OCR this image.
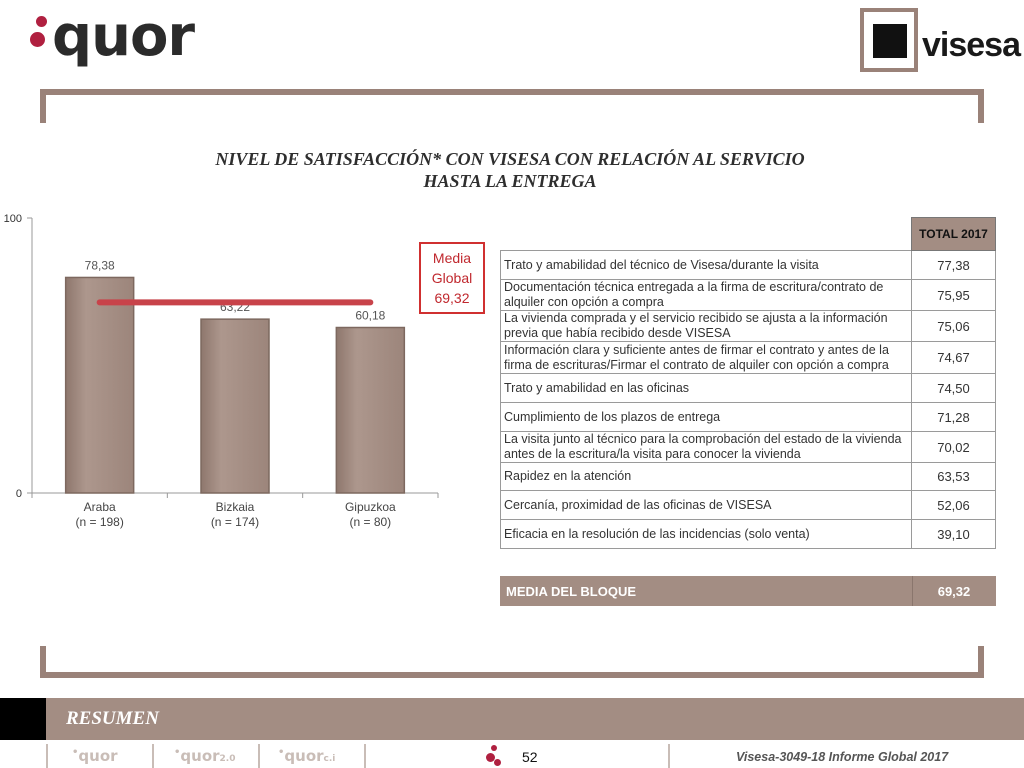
quor	visesa
NIVEL DE SATISFACCIÓN* CON VISESA CON RELACIÓN AL SERVICIO
HASTA LA ENTREGA
0
100
78,38
Araba
(n = 198)
63,22
Bizkaia
(n = 174)
60,18
Gipuzkoa
(n = 80)
Media
Global
69,32
	TOTAL 2017
Trato y amabilidad del técnico de Visesa/durante la visita	77,38
Documentación técnica entregada a la firma de escritura/contrato de alquiler con opción a compra	75,95
La vivienda comprada y el servicio recibido se ajusta a la información previa que había recibido desde VISESA	75,06
Información clara y suficiente antes de firmar el contrato y antes de la firma de escrituras/Firmar el contrato de alquiler con opción a compra	74,67
Trato y amabilidad en las oficinas	74,50
Cumplimiento de los plazos de entrega	71,28
La visita junto al técnico para la comprobación del estado de la vivienda antes de la escritura/la visita para conocer la vivienda	70,02
Rapidez en la atención	63,53
Cercanía, proximidad de las oficinas de VISESA	52,06
Eficacia en la resolución de las incidencias (solo venta)	39,10
MEDIA DEL BLOQUE	69,32
RESUMEN
•quor	•quor2.0
•quorc.i	52	Visesa-3049-18 Informe Global 2017
